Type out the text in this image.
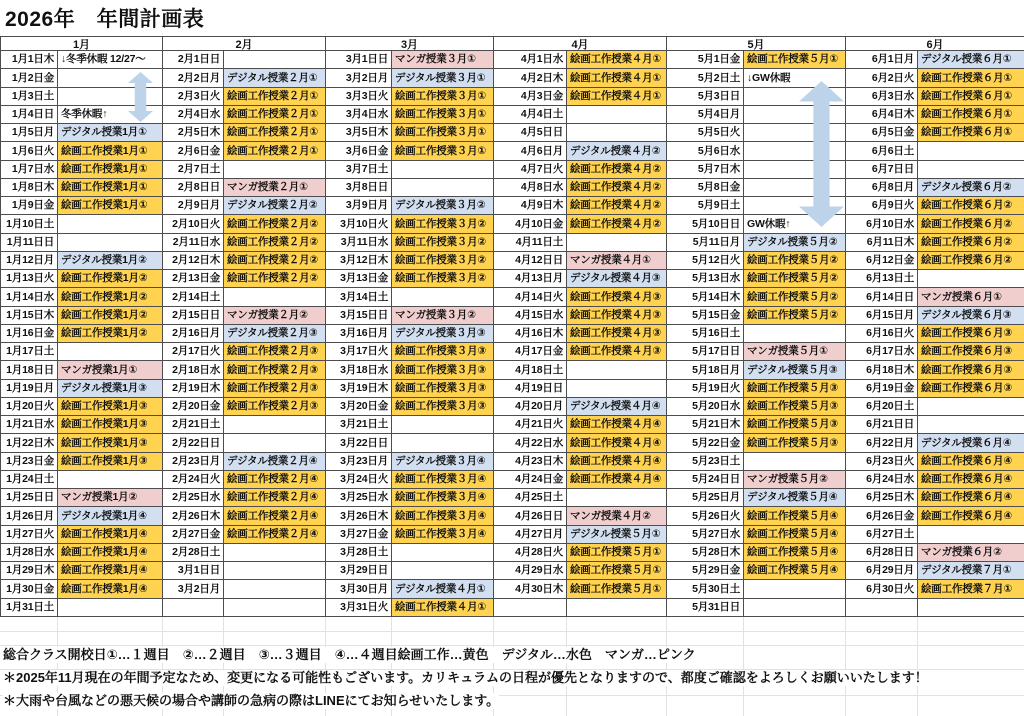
2026年　年間計画表
1月
1月1日木 ↓冬季休暇 12/27～
1月2日金
1月3日土
1月4日日 冬季休暇↑
1月5日月 デジタル授業1月①
1月6日火 絵画工作授業1月①
1月7日水 絵画工作授業1月①
1月8日木 絵画工作授業1月①
1月9日金 絵画工作授業1月①
1月10日土
1月11日日
1月12日月 デジタル授業1月②
1月13日火 絵画工作授業1月②
1月14日水 絵画工作授業1月②
1月15日木 絵画工作授業1月②
1月16日金 絵画工作授業1月②
1月17日土
1月18日日 マンガ授業1月①
1月19日月 デジタル授業1月③
1月20日火 絵画工作授業1月③
1月21日水 絵画工作授業1月③
1月22日木 絵画工作授業1月③
1月23日金 絵画工作授業1月③
1月24日土
1月25日日 マンガ授業1月②
1月26日月 デジタル授業1月④
1月27日火 絵画工作授業1月④
1月28日水 絵画工作授業1月④
1月29日木 絵画工作授業1月④
1月30日金 絵画工作授業1月④
1月31日土
2月
2月1日日
2月2日月 デジタル授業２月①
2月3日火 絵画工作授業２月①
2月4日水 絵画工作授業２月①
2月5日木 絵画工作授業２月①
2月6日金 絵画工作授業２月①
2月7日土
2月8日日 マンガ授業２月①
2月9日月 デジタル授業２月②
2月10日火 絵画工作授業２月②
2月11日水 絵画工作授業２月②
2月12日木 絵画工作授業２月②
2月13日金 絵画工作授業２月②
2月14日土
2月15日日 マンガ授業２月②
2月16日月 デジタル授業２月③
2月17日火 絵画工作授業２月③
2月18日水 絵画工作授業２月③
2月19日木 絵画工作授業２月③
2月20日金 絵画工作授業２月③
2月21日土
2月22日日
2月23日月 デジタル授業２月④
2月24日火 絵画工作授業２月④
2月25日水 絵画工作授業２月④
2月26日木 絵画工作授業２月④
2月27日金 絵画工作授業２月④
2月28日土
3月1日日
3月2日月
3月
3月1日日 マンガ授業３月①
3月2日月 デジタル授業３月①
3月3日火 絵画工作授業３月①
3月4日水 絵画工作授業３月①
3月5日木 絵画工作授業３月①
3月6日金 絵画工作授業３月①
3月7日土
3月8日日
3月9日月 デジタル授業３月②
3月10日火 絵画工作授業３月②
3月11日水 絵画工作授業３月②
3月12日木 絵画工作授業３月②
3月13日金 絵画工作授業３月②
3月14日土
3月15日日 マンガ授業３月②
3月16日月 デジタル授業３月③
3月17日火 絵画工作授業３月③
3月18日水 絵画工作授業３月③
3月19日木 絵画工作授業３月③
3月20日金 絵画工作授業３月③
3月21日土
3月22日日
3月23日月 デジタル授業３月④
3月24日火 絵画工作授業３月④
3月25日水 絵画工作授業３月④
3月26日木 絵画工作授業３月④
3月27日金 絵画工作授業３月④
3月28日土
3月29日日
3月30日月 デジタル授業４月①
3月31日火 絵画工作授業４月①
4月
4月1日水 絵画工作授業４月①
4月2日木 絵画工作授業４月①
4月3日金 絵画工作授業４月①
4月4日土
4月5日日
4月6日月 デジタル授業４月②
4月7日火 絵画工作授業４月②
4月8日水 絵画工作授業４月②
4月9日木 絵画工作授業４月②
4月10日金 絵画工作授業４月②
4月11日土
4月12日日 マンガ授業４月①
4月13日月 デジタル授業４月③
4月14日火 絵画工作授業４月③
4月15日水 絵画工作授業４月③
4月16日木 絵画工作授業４月③
4月17日金 絵画工作授業４月③
4月18日土
4月19日日
4月20日月 デジタル授業４月④
4月21日火 絵画工作授業４月④
4月22日水 絵画工作授業４月④
4月23日木 絵画工作授業４月④
4月24日金 絵画工作授業４月④
4月25日土
4月26日日 マンガ授業４月②
4月27日月 デジタル授業５月①
4月28日火 絵画工作授業５月①
4月29日水 絵画工作授業５月①
4月30日木 絵画工作授業５月①
5月
5月1日金 絵画工作授業５月①
5月2日土 ↓GW休暇
5月3日日
5月4日月
5月5日火
5月6日水
5月7日木
5月8日金
5月9日土
5月10日日 GW休暇↑
5月11日月 デジタル授業５月②
5月12日火 絵画工作授業５月②
5月13日水 絵画工作授業５月②
5月14日木 絵画工作授業５月②
5月15日金 絵画工作授業５月②
5月16日土
5月17日日 マンガ授業５月①
5月18日月 デジタル授業５月③
5月19日火 絵画工作授業５月③
5月20日水 絵画工作授業５月③
5月21日木 絵画工作授業５月③
5月22日金 絵画工作授業５月③
5月23日土
5月24日日 マンガ授業５月②
5月25日月 デジタル授業５月④
5月26日火 絵画工作授業５月④
5月27日水 絵画工作授業５月④
5月28日木 絵画工作授業５月④
5月29日金 絵画工作授業５月④
5月30日土
5月31日日
6月
6月1日月 デジタル授業６月①
6月2日火 絵画工作授業６月①
6月3日水 絵画工作授業６月①
6月4日木 絵画工作授業６月①
6月5日金 絵画工作授業６月①
6月6日土
6月7日日
6月8日月 デジタル授業６月②
6月9日火 絵画工作授業６月②
6月10日水 絵画工作授業６月②
6月11日木 絵画工作授業６月②
6月12日金 絵画工作授業６月②
6月13日土
6月14日日 マンガ授業６月①
6月15日月 デジタル授業６月③
6月16日火 絵画工作授業６月③
6月17日水 絵画工作授業６月③
6月18日木 絵画工作授業６月③
6月19日金 絵画工作授業６月③
6月20日土
6月21日日
6月22日月 デジタル授業６月④
6月23日火 絵画工作授業６月④
6月24日水 絵画工作授業６月④
6月25日木 絵画工作授業６月④
6月26日金 絵画工作授業６月④
6月27日土
6月28日日 マンガ授業６月②
6月29日月 デジタル授業７月①
6月30日火 絵画工作授業７月①
総合クラス開校日①…１週目　②…２週目　③…３週目　④…４週目絵画工作…黄色　デジタル…水色　マンガ…ピンク
＊2025年11月現在の年間予定なため、変更になる可能性もございます。カリキュラムの日程が優先となりますので、都度ご確認をよろしくお願いいたします！
＊大雨や台風などの悪天候の場合や講師の急病の際はLINEにてお知らせいたします。
